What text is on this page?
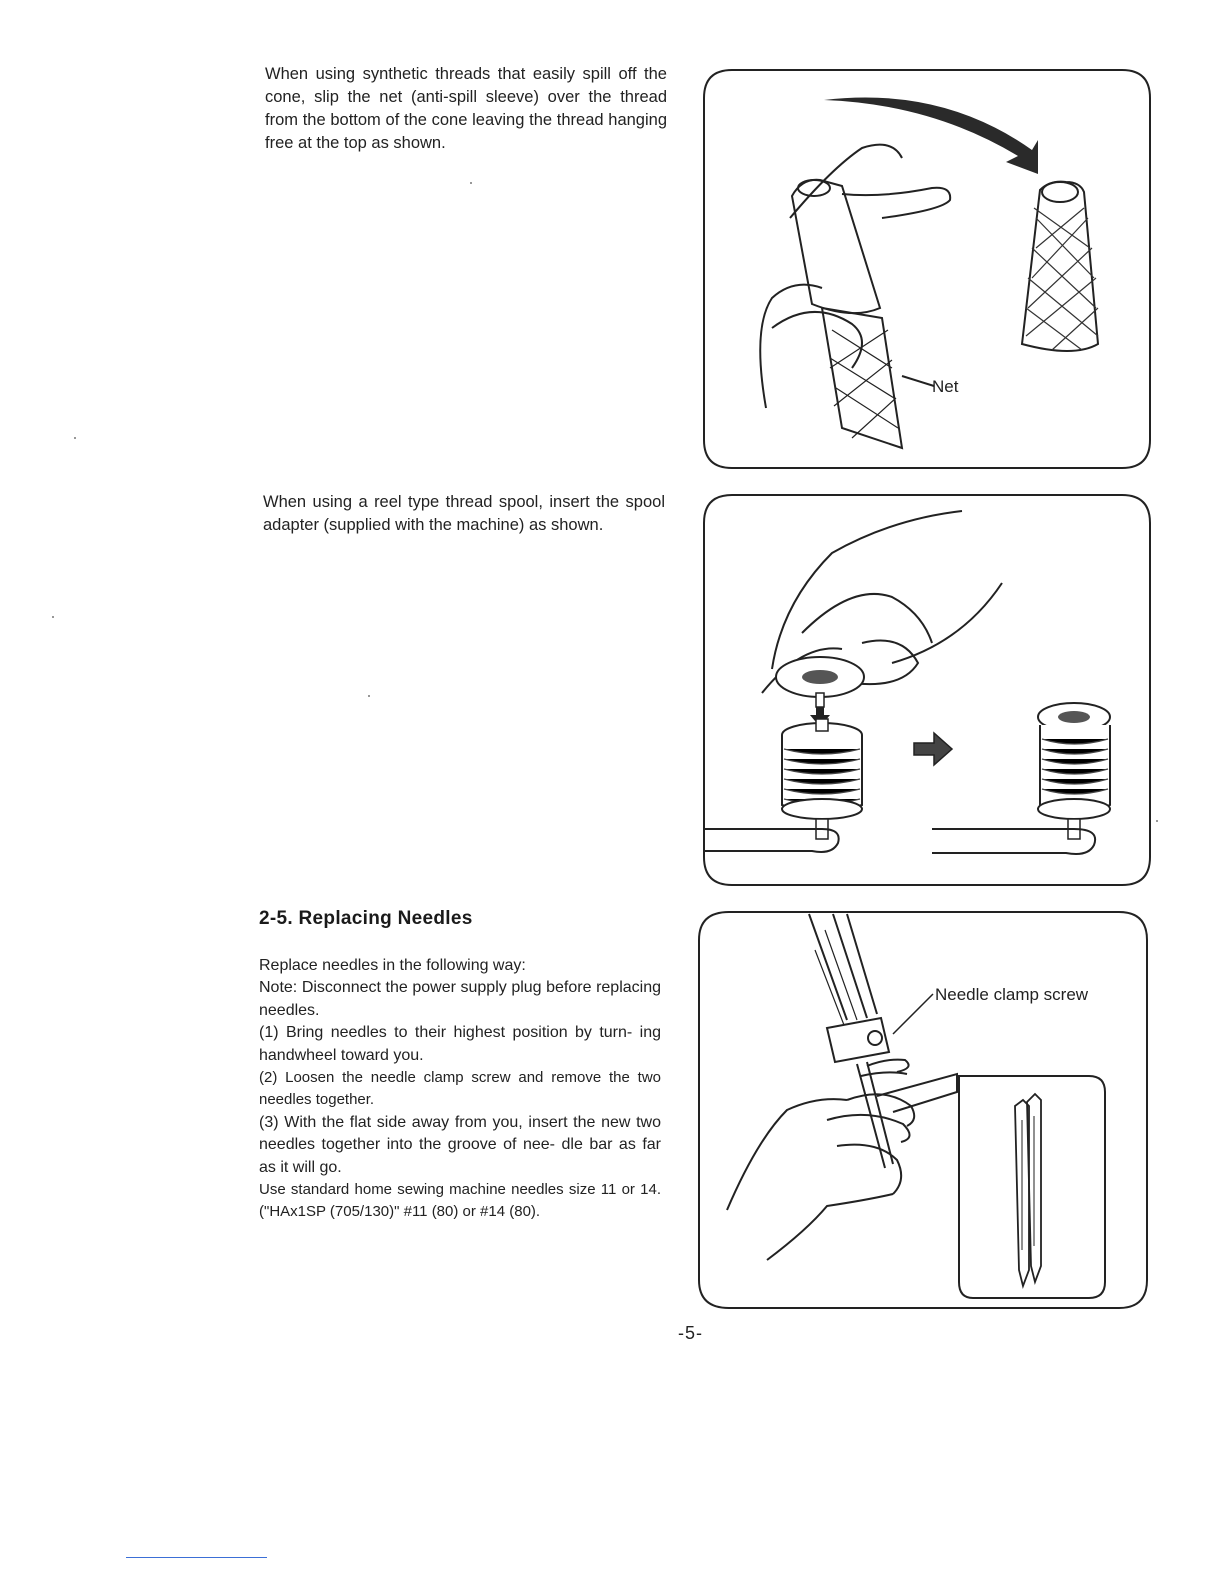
When using synthetic threads that easily spill off the cone, slip the net (anti-spill sleeve) over the thread from the bottom of the cone leaving the thread hanging free at the top as shown.

Net

When using a reel type thread spool, insert the spool adapter (supplied with the machine) as shown.

2-5. Replacing Needles
Replace needles in the following way:
Note: Disconnect the power supply plug before replacing needles.
(1) Bring needles to their highest position by turn- ing handwheel toward you.
(2) Loosen the needle clamp screw and remove the two needles together.
(3) With the flat side away from you, insert the new two needles together into the groove of nee- dle bar as far as it will go.
Use standard home sewing machine needles size 11 or 14. ("HAx1SP (705/130)" #11 (80) or #14 (80).
Needle clamp screw

-5-
